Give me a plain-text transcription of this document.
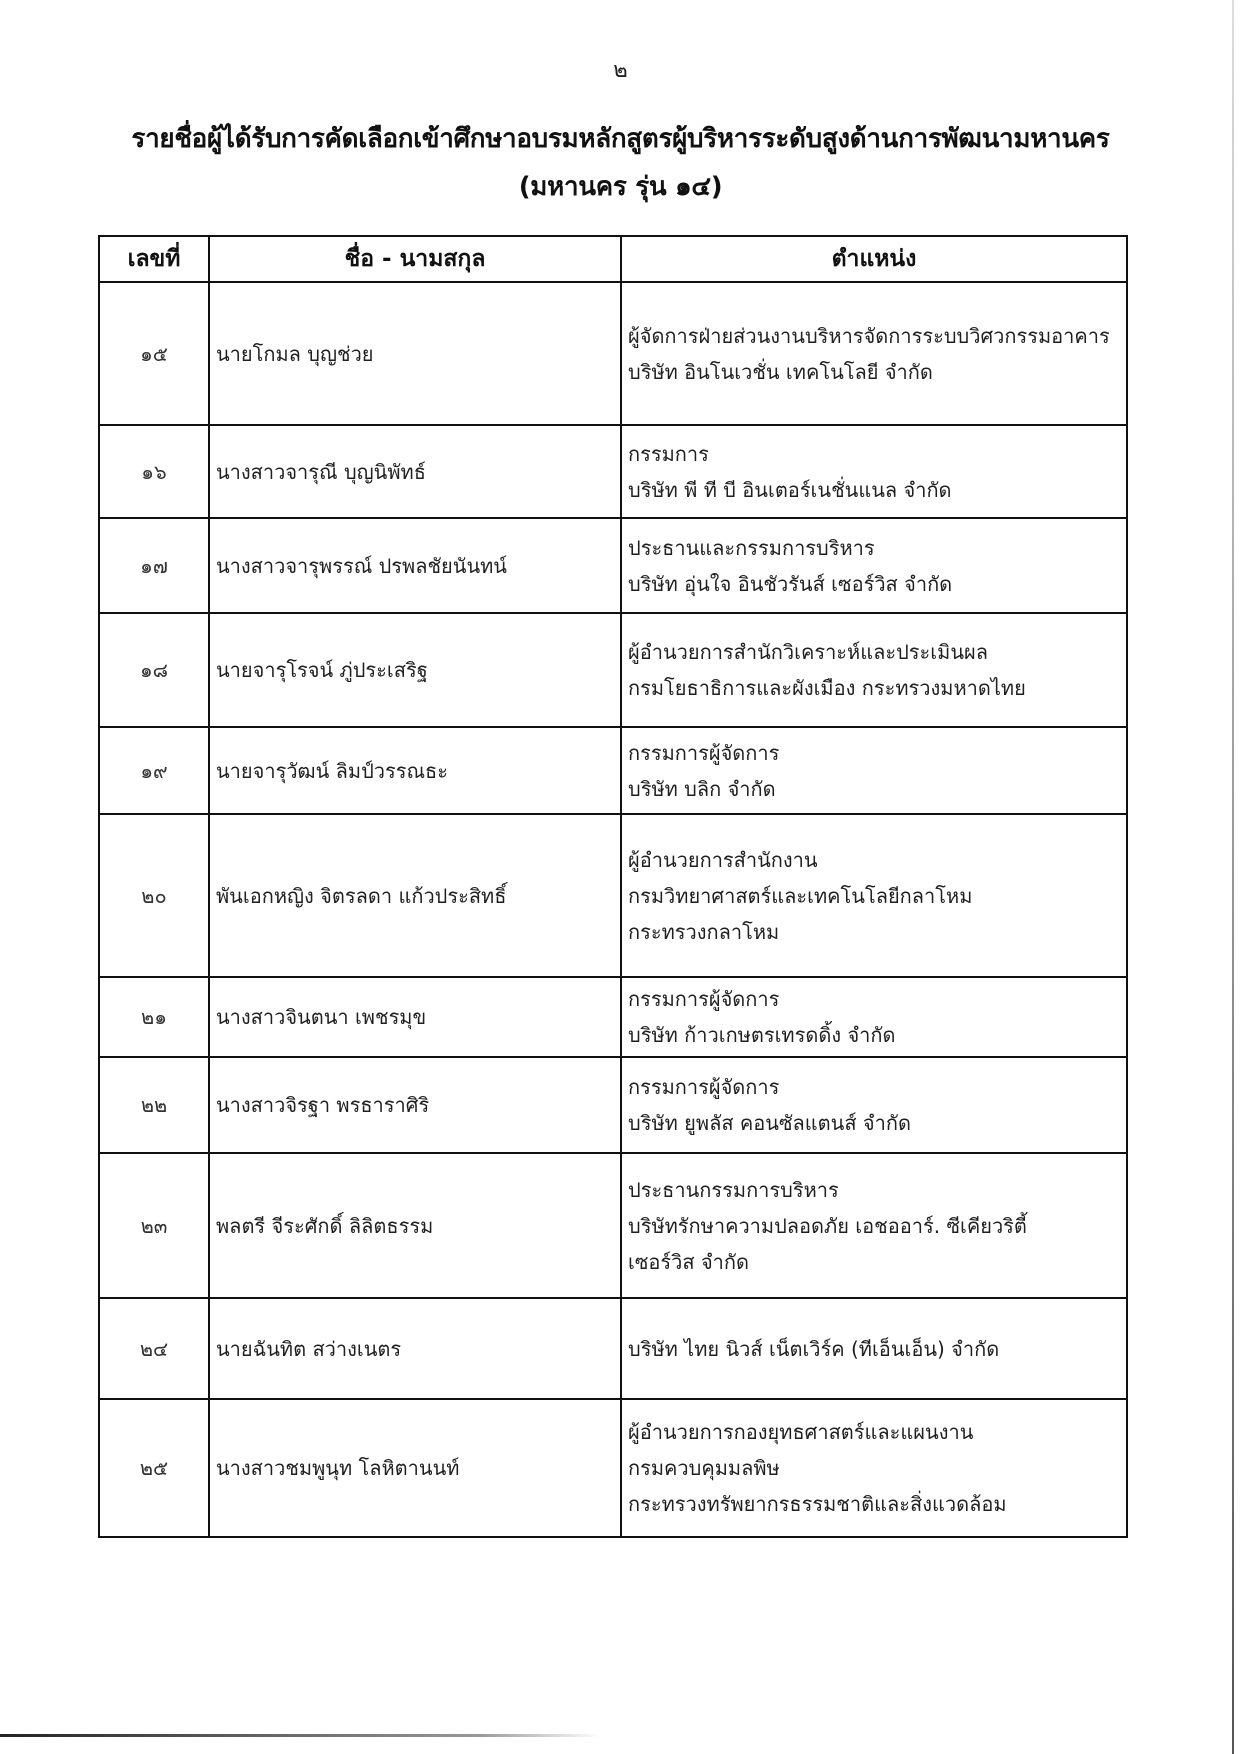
๒
รายชื่อผู้ได้รับการคัดเลือกเข้าศึกษาอบรมหลักสูตรผู้บริหารระดับสูงด้านการพัฒนามหานคร
(มหานคร รุ่น ๑๔)
เลขที่	ชื่อ - นามสกุล	ตำแหน่ง
๑๕	นายโกมล บุญช่วย	ผู้จัดการฝ่ายส่วนงานบริหารจัดการระบบวิศวกรรมอาคาร
บริษัท อินโนเวชั่น เทคโนโลยี จำกัด

๑๖	นางสาวจารุณี บุญนิพัทธ์	กรรมการ
บริษัท พี ที บี อินเตอร์เนชั่นแนล จำกัด

๑๗	นางสาวจารุพรรณ์ ปรพลชัยนันทน์	ประธานและกรรมการบริหาร
บริษัท อุ่นใจ อินชัวรันส์ เซอร์วิส จำกัด

๑๘	นายจารุโรจน์ ภู่ประเสริฐ	ผู้อำนวยการสำนักวิเคราะห์และประเมินผล
กรมโยธาธิการและผังเมือง กระทรวงมหาดไทย

๑๙	นายจารุวัฒน์ ลิมป์วรรณธะ	กรรมการผู้จัดการ
บริษัท บลิก จำกัด

๒๐	พันเอกหญิง จิตรลดา แก้วประสิทธิ์	ผู้อำนวยการสำนักงาน
กรมวิทยาศาสตร์และเทคโนโลยีกลาโหม
กระทรวงกลาโหม

๒๑	นางสาวจินตนา เพชรมุข	กรรมการผู้จัดการ
บริษัท ก้าวเกษตรเทรดดิ้ง จำกัด

๒๒	นางสาวจิรฐา พรธาราศิริ	กรรมการผู้จัดการ
บริษัท ยูพลัส คอนซัลแตนส์ จำกัด

๒๓	พลตรี จีระศักดิ์ ลิลิตธรรม	ประธานกรรมการบริหาร
บริษัทรักษาความปลอดภัย เอชออาร์. ซีเคียวริตี้
เซอร์วิส จำกัด

๒๔	นายฉันทิต สว่างเนตร	บริษัท ไทย นิวส์ เน็ตเวิร์ค (ทีเอ็นเอ็น) จำกัด

๒๕	นางสาวชมพูนุท โลหิตานนท์	ผู้อำนวยการกองยุทธศาสตร์และแผนงาน
กรมควบคุมมลพิษ
กระทรวงทรัพยากรธรรมชาติและสิ่งแวดล้อม
